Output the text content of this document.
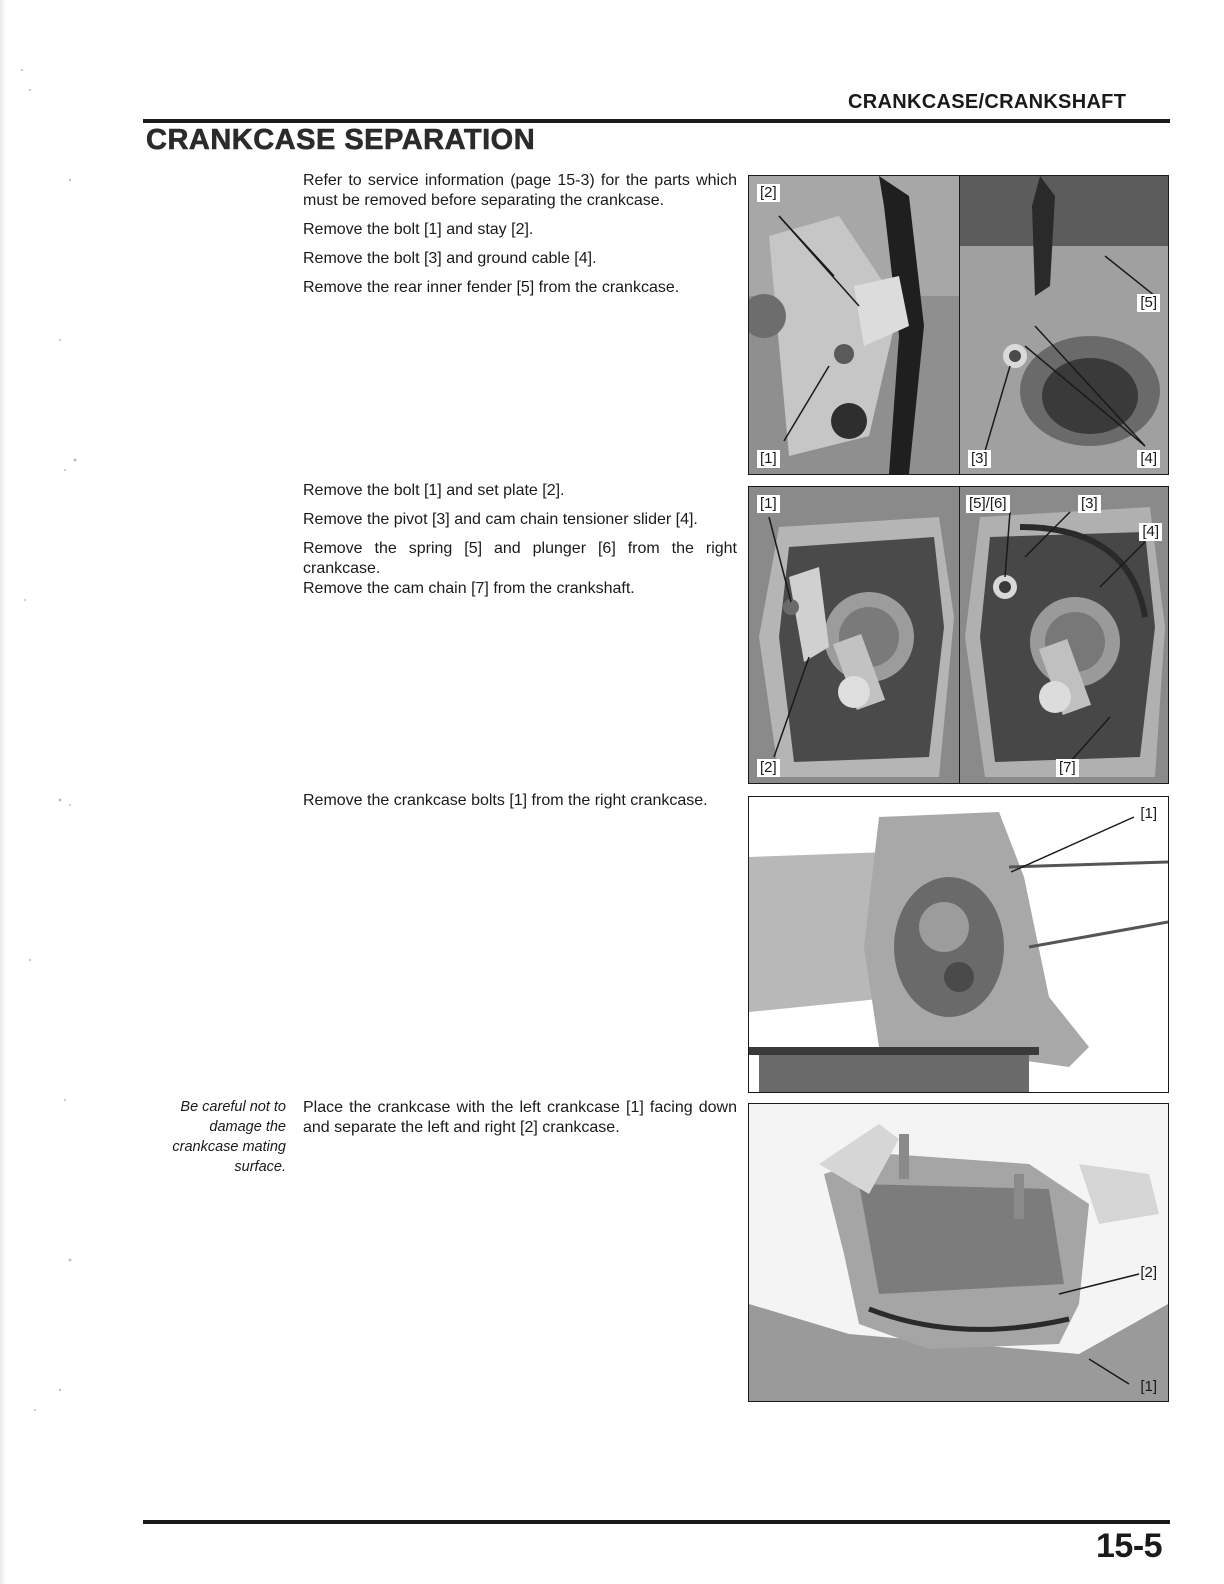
CRANKCASE/CRANKSHAFT
CRANKCASE SEPARATION

Refer to service information (page 15-3) for the parts which must be removed before separating the crankcase.

Remove the bolt [1] and stay [2].

Remove the bolt [3] and ground cable [4].

Remove the rear inner fender [5] from the crankcase.

[2]
[1]
[5]
[3]	[4]

Remove the bolt [1] and set plate [2].

Remove the pivot [3] and cam chain tensioner slider [4].

Remove the spring [5] and plunger [6] from the right crankcase.

Remove the cam chain [7] from the crankshaft.

[1]
[2]
[5]/[6]	[3]
[4]
[7]

Remove the crankcase bolts [1] from the right crankcase.

[1]
Be careful not to damage the crankcase mating surface.

Place the crankcase with the left crankcase [1] facing down and separate the left and right [2] crankcase.

[2]
[1]
15-5
